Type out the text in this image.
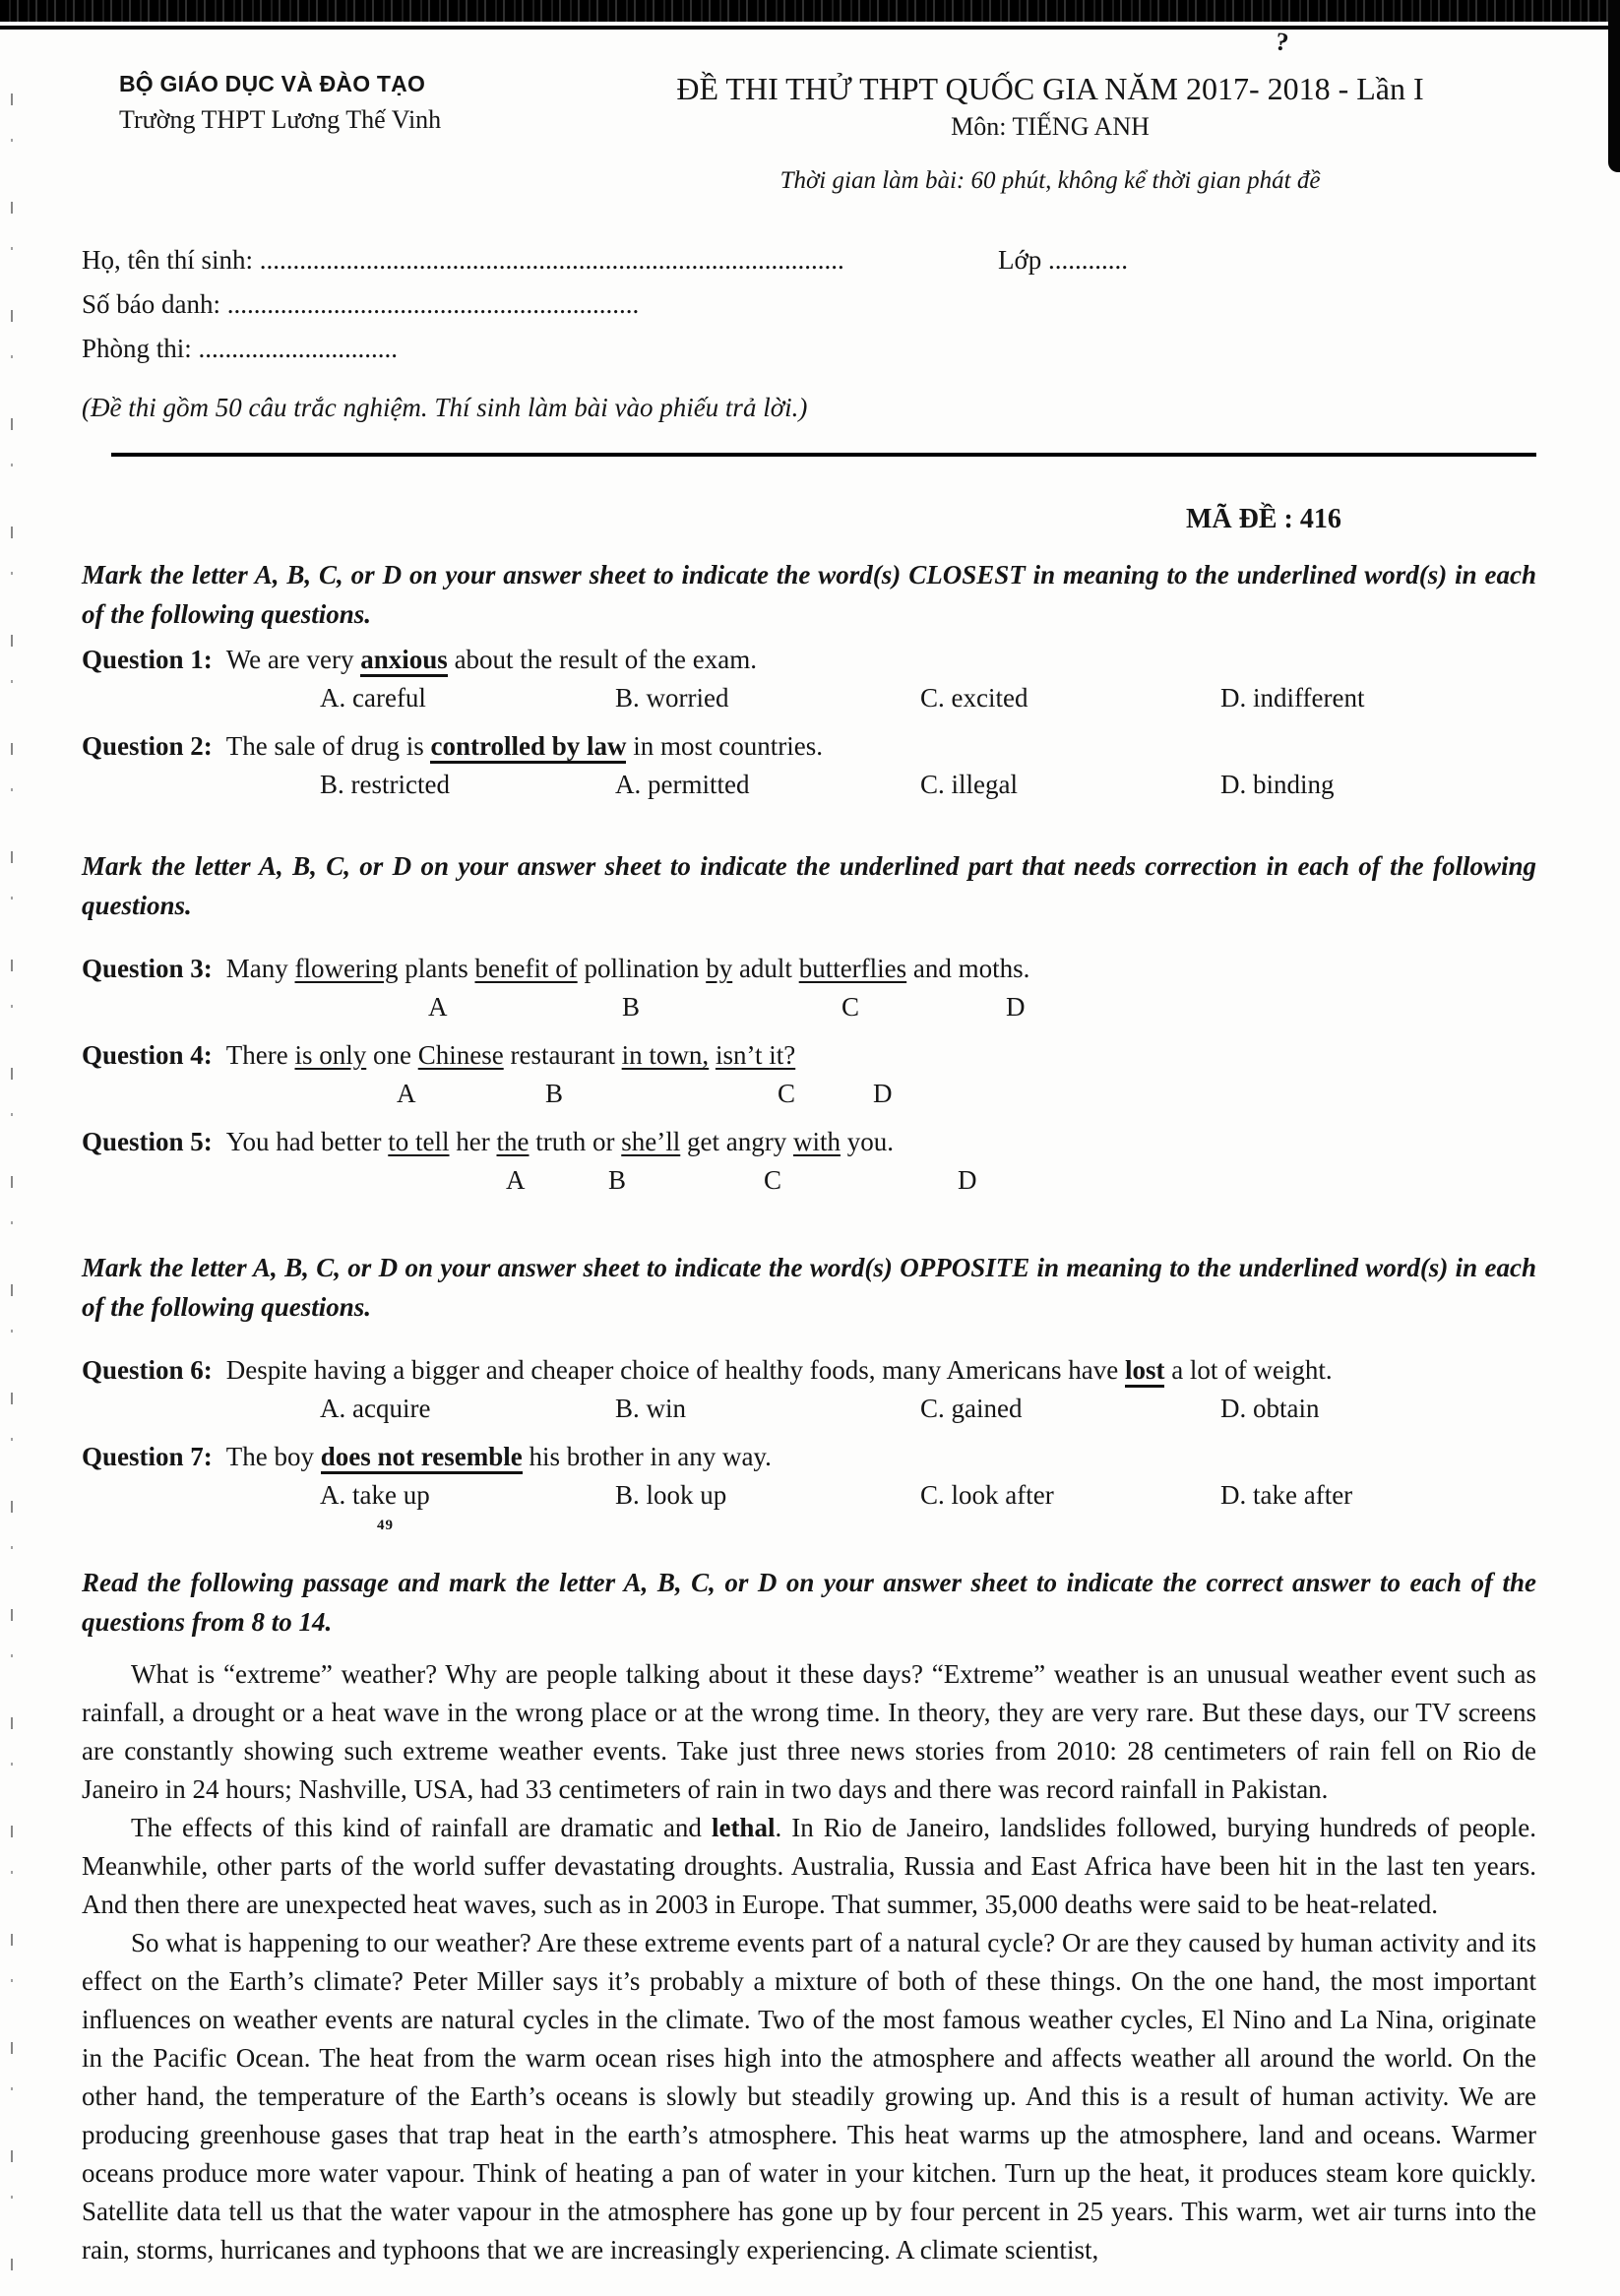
?
BỘ GIÁO DỤC VÀ ĐÀO TẠO
Trường THPT Lương Thế Vinh
ĐỀ THI THỬ THPT QUỐC GIA NĂM 2017- 2018 - Lần I
Môn: TIẾNG ANH
Thời gian làm bài: 60 phút, không kể thời gian phát đề
Họ, tên thí sinh: ........................................................................................	Lớp ............
Số báo danh: ..............................................................
Phòng thi: ..............................
(Đề thi gồm 50 câu trắc nghiệm. Thí sinh làm bài vào phiếu trả lời.)
MÃ ĐỀ : 416
Mark the letter A, B, C, or D on your answer sheet to indicate the word(s) CLOSEST in meaning to the underlined word(s) in each of the following questions.
Question 1: We are very anxious about the result of the exam.
A. careful	B. worried	C. excited	D. indifferent
Question 2: The sale of drug is controlled by law in most countries.
B. restricted	A. permitted	C. illegal	D. binding
Mark the letter A, B, C, or D on your answer sheet to indicate the underlined part that needs correction in each of the following questions.
Question 3: Many flowering plants benefit of pollination by adult butterflies and moths.
A	B	C	D
Question 4: There is only one Chinese restaurant in town, isn’t it?
A	B	C	D
Question 5: You had better to tell her the truth or she’ll get angry with you.
A	B	C	D
Mark the letter A, B, C, or D on your answer sheet to indicate the word(s) OPPOSITE in meaning to the underlined word(s) in each of the following questions.
Question 6: Despite having a bigger and cheaper choice of healthy foods, many Americans have lost a lot of weight.
A. acquire	B. win	C. gained	D. obtain
Question 7: The boy does not resemble his brother in any way.
A. take up	B. look up	C. look after	D. take after
49
Read the following passage and mark the letter A, B, C, or D on your answer sheet to indicate the correct answer to each of the questions from 8 to 14.

What is “extreme” weather? Why are people talking about it these days? “Extreme” weather is an unusual weather event such as rainfall, a drought or a heat wave in the wrong place or at the wrong time. In theory, they are very rare. But these days, our TV screens are constantly showing such extreme weather events. Take just three news stories from 2010: 28 centimeters of rain fell on Rio de Janeiro in 24 hours; Nashville, USA, had 33 centimeters of rain in two days and there was record rainfall in Pakistan.

The effects of this kind of rainfall are dramatic and lethal. In Rio de Janeiro, landslides followed, burying hundreds of people. Meanwhile, other parts of the world suffer devastating droughts. Australia, Russia and East Africa have been hit in the last ten years. And then there are unexpected heat waves, such as in 2003 in Europe. That summer, 35,000 deaths were said to be heat-related.

So what is happening to our weather? Are these extreme events part of a natural cycle? Or are they caused by human activity and its effect on the Earth’s climate? Peter Miller says it’s probably a mixture of both of these things. On the one hand, the most important influences on weather events are natural cycles in the climate. Two of the most famous weather cycles, El Nino and La Nina, originate in the Pacific Ocean. The heat from the warm ocean rises high into the atmosphere and affects weather all around the world. On the other hand, the temperature of the Earth’s oceans is slowly but steadily growing up. And this is a result of human activity. We are producing greenhouse gases that trap heat in the earth’s atmosphere. This heat warms up the atmosphere, land and oceans. Warmer oceans produce more water vapour. Think of heating a pan of water in your kitchen. Turn up the heat, it produces steam kore quickly. Satellite data tell us that the water vapour in the atmosphere has gone up by four percent in 25 years. This warm, wet air turns into the rain, storms, hurricanes and typhoons that we are increasingly experiencing. A climate scientist,
